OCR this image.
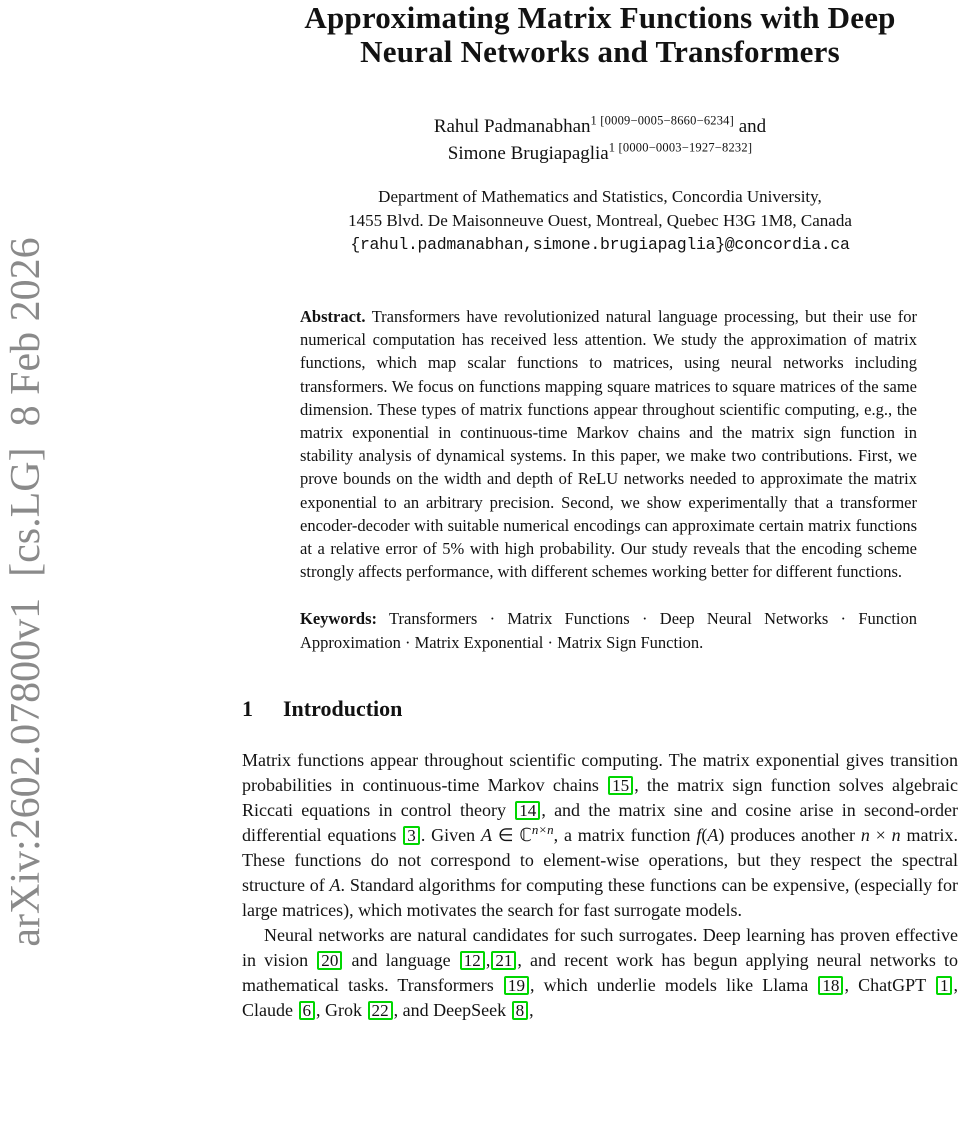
arXiv:2602.07800v1  [cs.LG]  8 Feb 2026
Approximating Matrix Functions with Deep
Neural Networks and Transformers
Rahul Padmanabhan$^{1 [0009-0005-8660-6234]}$ and
Simone Brugiapaglia$^{1 [0000-0003-1927-8232]}$
Department of Mathematics and Statistics, Concordia University,
1455 Blvd. De Maisonneuve Ouest, Montreal, Quebec H3G 1M8, Canada
{rahul.padmanabhan,simone.brugiapaglia}@concordia.ca

Abstract. Transformers have revolutionized natural language processing, but their use for numerical computation has received less attention. We study the approximation of matrix functions, which map scalar functions to matrices, using neural networks including transformers. We focus on functions mapping square matrices to square matrices of the same dimension. These types of matrix functions appear throughout scientific computing, e.g., the matrix exponential in continuous-time Markov chains and the matrix sign function in stability analysis of dynamical systems. In this paper, we make two contributions. First, we prove bounds on the width and depth of ReLU networks needed to approximate the matrix exponential to an arbitrary precision. Second, we show experimentally that a transformer encoder-decoder with suitable numerical encodings can approximate certain matrix functions at a relative error of 5% with high probability. Our study reveals that the encoding scheme strongly affects performance, with different schemes working better for different functions.

Keywords: Transformers · Matrix Functions · Deep Neural Networks · Function Approximation · Matrix Exponential · Matrix Sign Function.

1 Introduction

Matrix functions appear throughout scientific computing. The matrix exponential gives transition probabilities in continuous-time Markov chains 15 , the matrix sign function solves algebraic Riccati equations in control theory 14 , and the matrix sine and cosine arise in second-order differential equations 3 . Given A ∈ ℂ$^{n\times n}$, a matrix function f(A) produces another n × n matrix. These functions do not correspond to element-wise operations, but they respect the spectral structure of A. Standard algorithms for computing these functions can be expensive, (especially for large matrices), which motivates the search for fast surrogate models.

Neural networks are natural candidates for such surrogates. Deep learning has proven effective in vision 20 and language 12 , 21 , and recent work has begun applying neural networks to mathematical tasks. Transformers 19 , which underlie models like Llama 18 , ChatGPT 1 , Claude 6 , Grok 22 , and DeepSeek 8 ,
